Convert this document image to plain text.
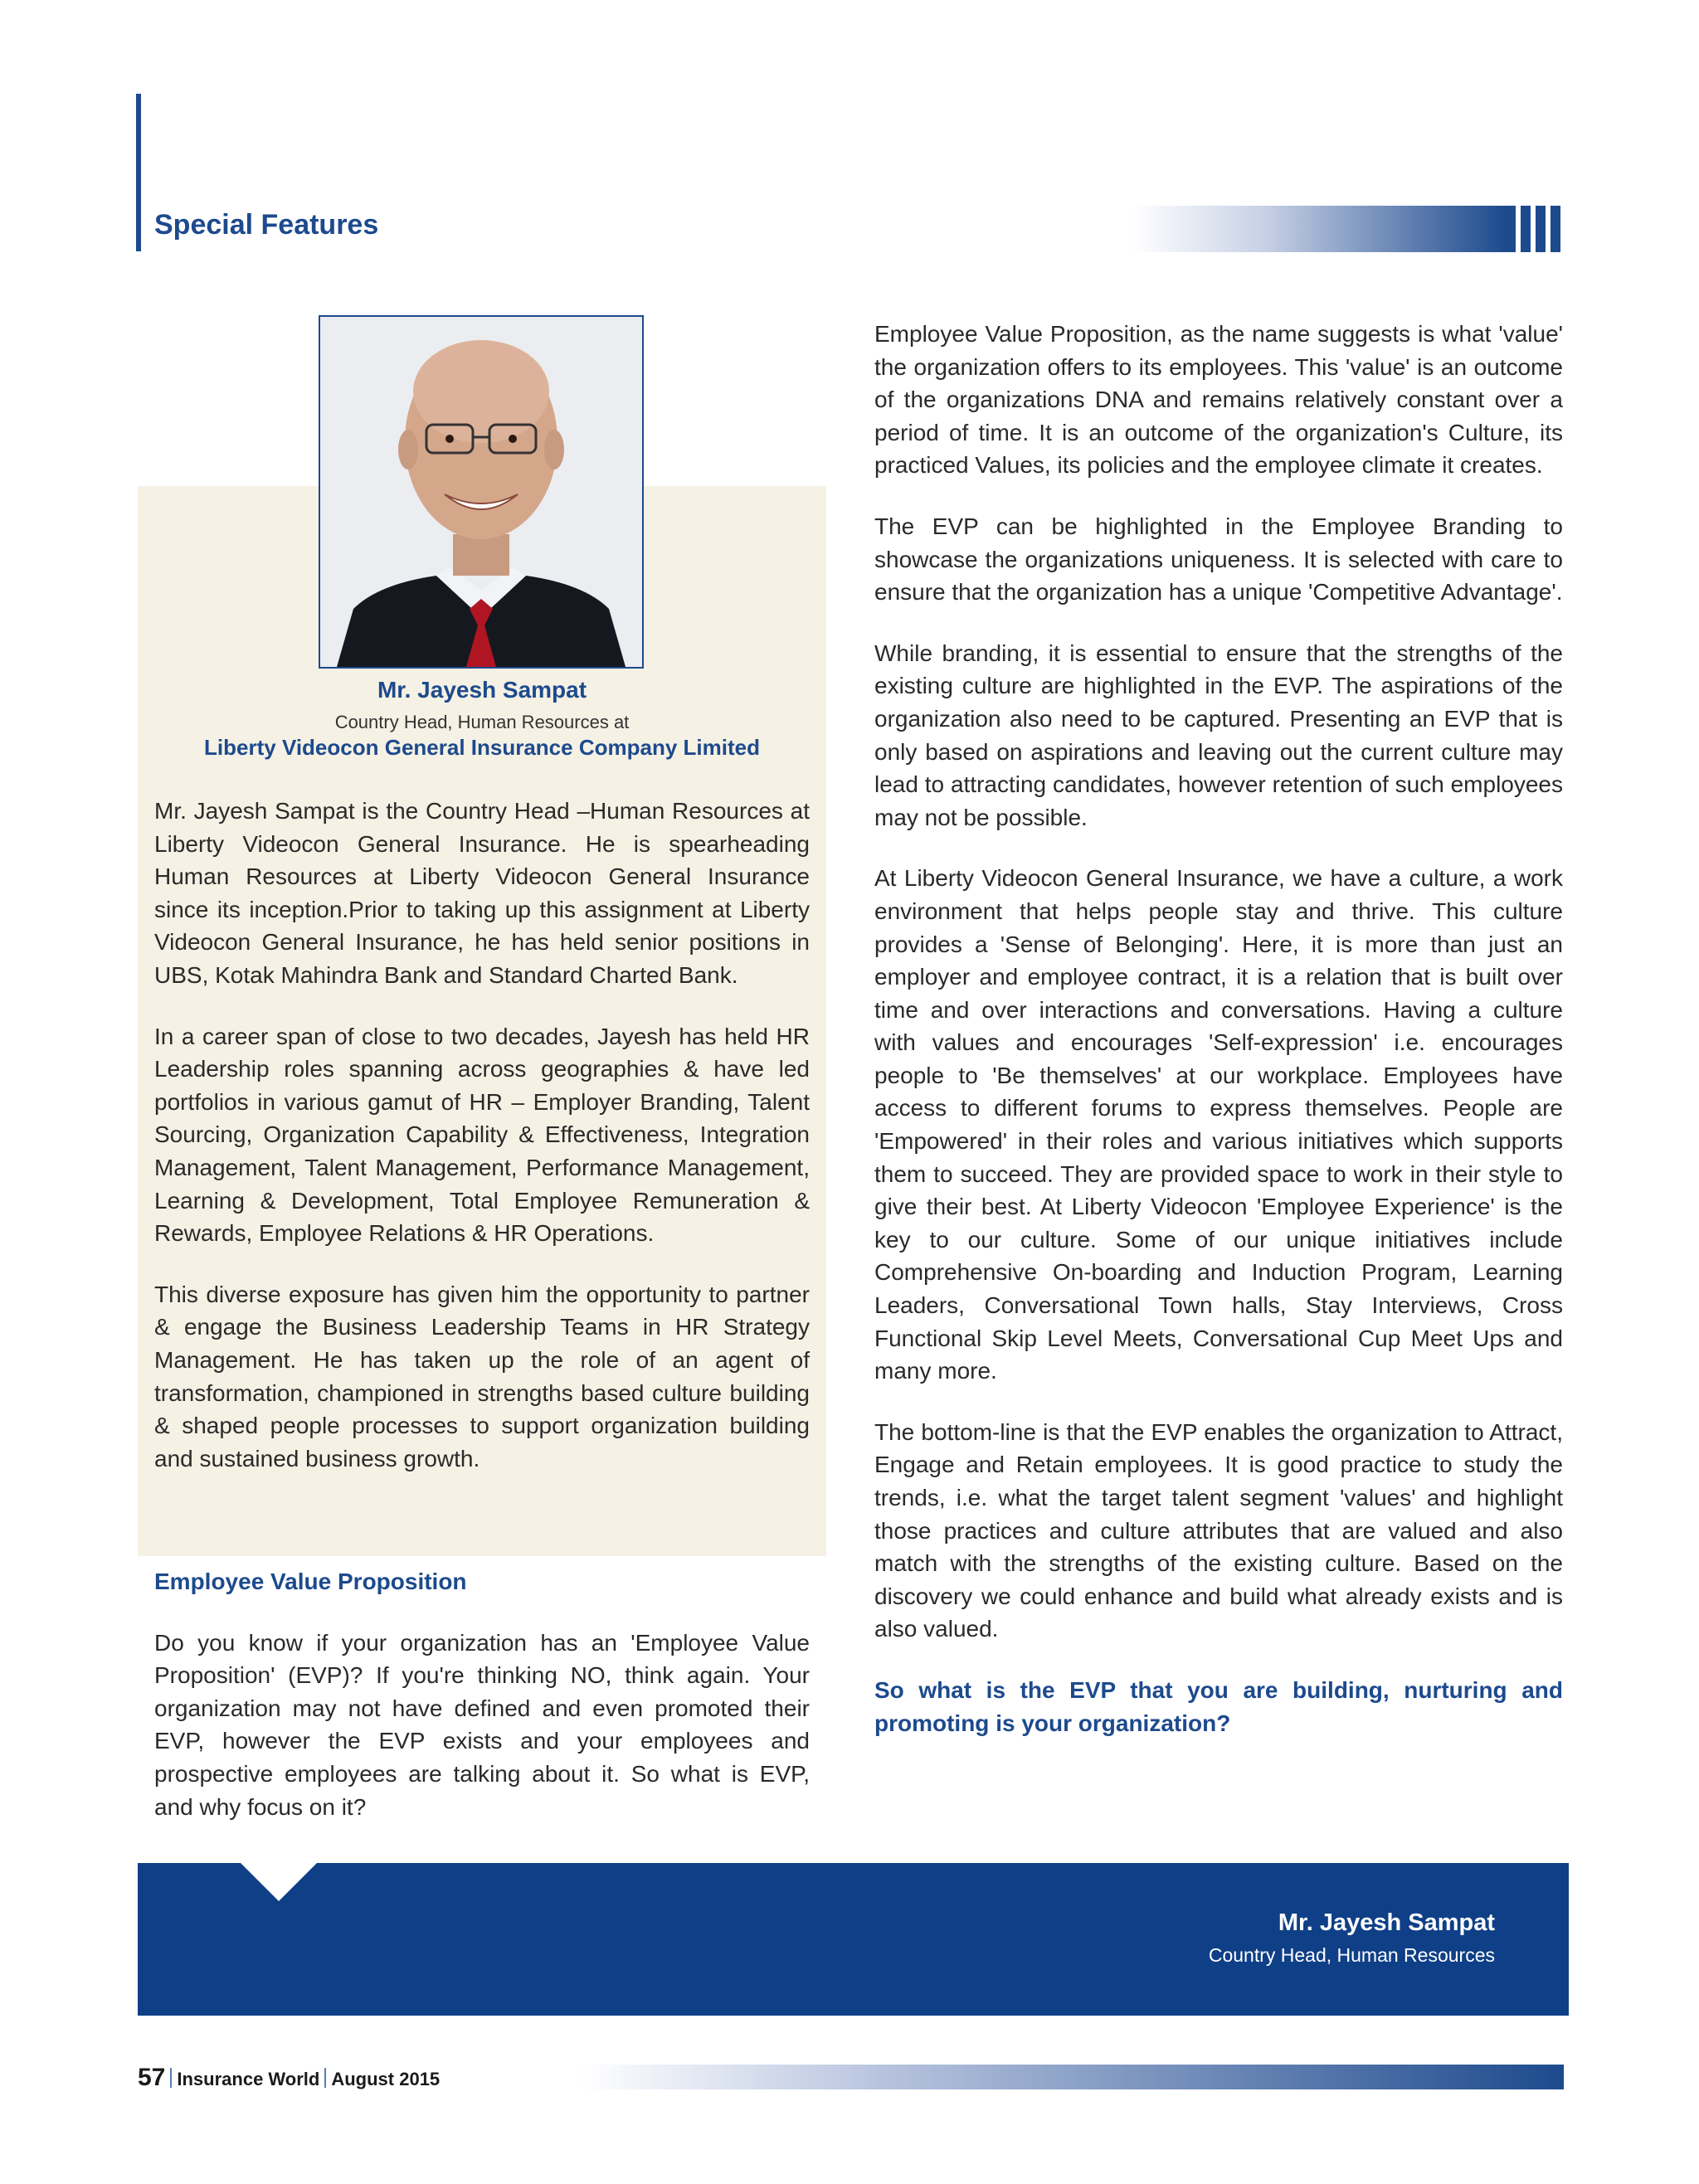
Special Features

Mr. Jayesh Sampat

Country Head, Human Resources at

Liberty Videocon General Insurance Company Limited

Mr. Jayesh Sampat is the Country Head –Human Resources at Liberty Videocon General Insurance. He is spearheading Human Resources at Liberty Videocon General Insurance since its inception.Prior to taking up this assignment at Liberty Videocon General Insurance, he has held senior positions in UBS, Kotak Mahindra Bank and Standard Charted Bank.

In a career span of close to two decades, Jayesh has held HR Leadership roles spanning across geographies & have led portfolios in various gamut of HR – Employer Branding, Talent Sourcing, Organization Capability & Effectiveness, Integration Management, Talent Management, Performance Management, Learning & Development, Total Employee Remuneration & Rewards, Employee Relations & HR Operations.

This diverse exposure has given him the opportunity to partner & engage the Business Leadership Teams in HR Strategy Management. He has taken up the role of an agent of transformation, championed in strengths based culture building & shaped people processes to support organization building and sustained business growth.

Employee Value Proposition

Do you know if your organization has an 'Employee Value Proposition' (EVP)? If you're thinking NO, think again. Your organization may not have defined and even promoted their EVP, however the EVP exists and your employees and prospective employees are talking about it. So what is EVP, and why focus on it?

Employee Value Proposition, as the name suggests is what 'value' the organization offers to its employees. This 'value' is an outcome of the organizations DNA and remains relatively constant over a period of time. It is an outcome of the organization's Culture, its practiced Values, its policies and the employee climate it creates.

The EVP can be highlighted in the Employee Branding to showcase the organizations uniqueness. It is selected with care to ensure that the organization has a unique 'Competitive Advantage'.

While branding, it is essential to ensure that the strengths of the existing culture are highlighted in the EVP. The aspirations of the organization also need to be captured. Presenting an EVP that is only based on aspirations and leaving out the current culture may lead to attracting candidates, however retention of such employees may not be possible.

At Liberty Videocon General Insurance, we have a culture, a work environment that helps people stay and thrive. This culture provides a 'Sense of Belonging'. Here, it is more than just an employer and employee contract, it is a relation that is built over time and over interactions and conversations. Having a culture with values and encourages 'Self-expression' i.e. encourages people to 'Be themselves' at our workplace. Employees have access to different forums to express themselves. People are 'Empowered' in their roles and various initiatives which supports them to succeed. They are provided space to work in their style to give their best. At Liberty Videocon 'Employee Experience' is the key to our culture. Some of our unique initiatives include Comprehensive On-boarding and Induction Program, Learning Leaders, Conversational Town halls, Stay Interviews, Cross Functional Skip Level Meets, Conversational Cup Meet Ups and many more.

The bottom-line is that the EVP enables the organization to Attract, Engage and Retain employees. It is good practice to study the trends, i.e. what the target talent segment 'values' and highlight those practices and culture attributes that are valued and also match with the strengths of the existing culture. Based on the discovery we could enhance and build what already exists and is also valued.

So what is the EVP that you are building, nurturing and promoting is your organization?

Mr. Jayesh Sampat

Country Head, Human Resources

57 Insurance World August 2015
